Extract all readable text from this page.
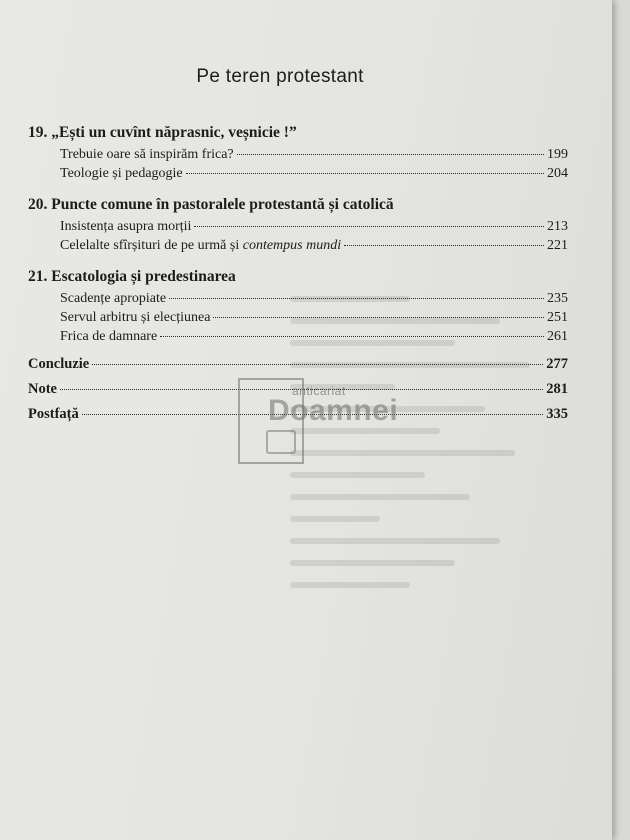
Pe teren protestant
19. „Ești un cuvînt năprasnic, veșnicie !”
Trebuie oare să inspirăm frica?	199
Teologie și pedagogie	204
20. Puncte comune în pastoralele protestantă și catolică
Insistența asupra morții	213
Celelalte sfîrșituri de pe urmă și contempus mundi	221
21. Escatologia și predestinarea
Scadențe apropiate	235
Servul arbitru și elecțiunea	251
Frica de damnare	261
Concluzie	277
Note	281
Postfață	335
anticariat
Doamnei
